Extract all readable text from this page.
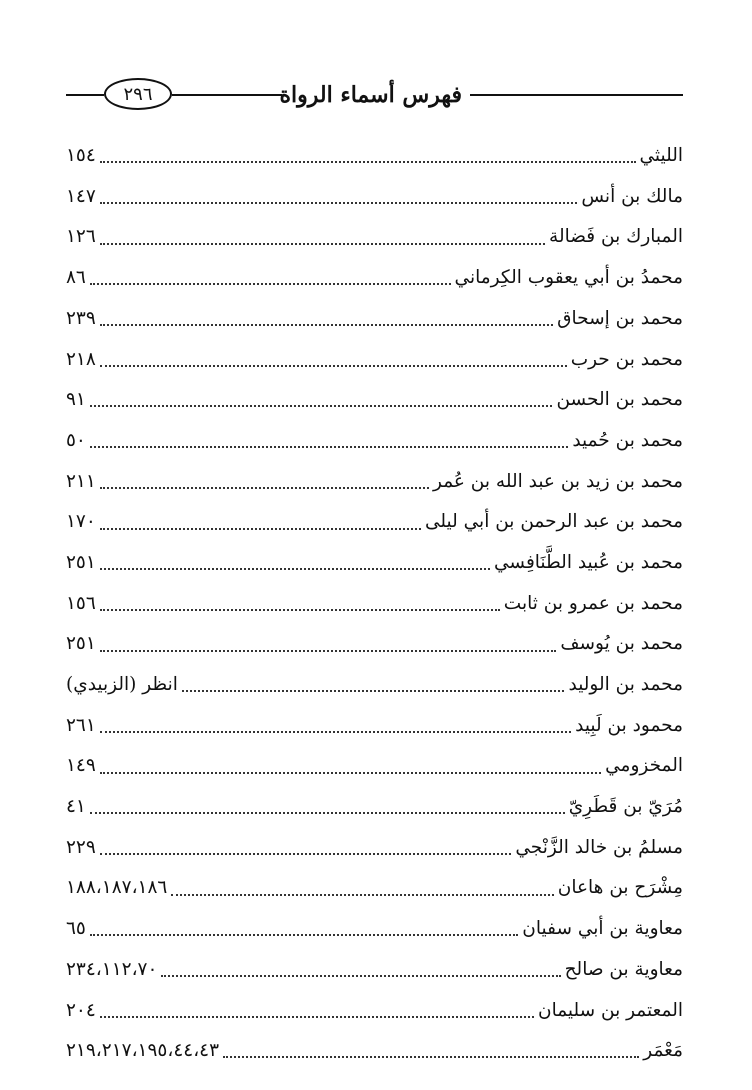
٢٩٦	فهرس أسماء الرواة
الليثي
١٥٤
مالك بن أنس
١٤٧
المبارك بن فَضالة
١٢٦
محمدُ بن أبي يعقوب الكِرماني
٨٦
محمد بن إسحاق
٢٣٩
محمد بن حرب
٢١٨
محمد بن الحسن
٩١
محمد بن حُميد
٥٠
محمد بن زيد بن عبد الله بن عُمر
٢١١
محمد بن عبد الرحمن بن أبي ليلى
١٧٠
محمد بن عُبيد الطَّنَافِسي
٢٥١
محمد بن عمرو بن ثابت
١٥٦
محمد بن يُوسف
٢٥١
محمد بن الوليد
انظر (الزبيدي)
محمود بن لَبِيد
٢٦١
المخزومي
١٤٩
مُرَيّ بن قَطَرِيّ
٤١
مسلمُ بن خالد الزَّنْجي
٢٢٩
مِشْرَح بن هاعان
١٨٨،١٨٧،١٨٦
معاوية بن أبي سفيان
٦٥
معاوية بن صالح
٢٣٤،١١٢،٧٠
المعتمر بن سليمان
٢٠٤
مَعْمَر
٢١٩،٢١٧،١٩٥،٤٤،٤٣
